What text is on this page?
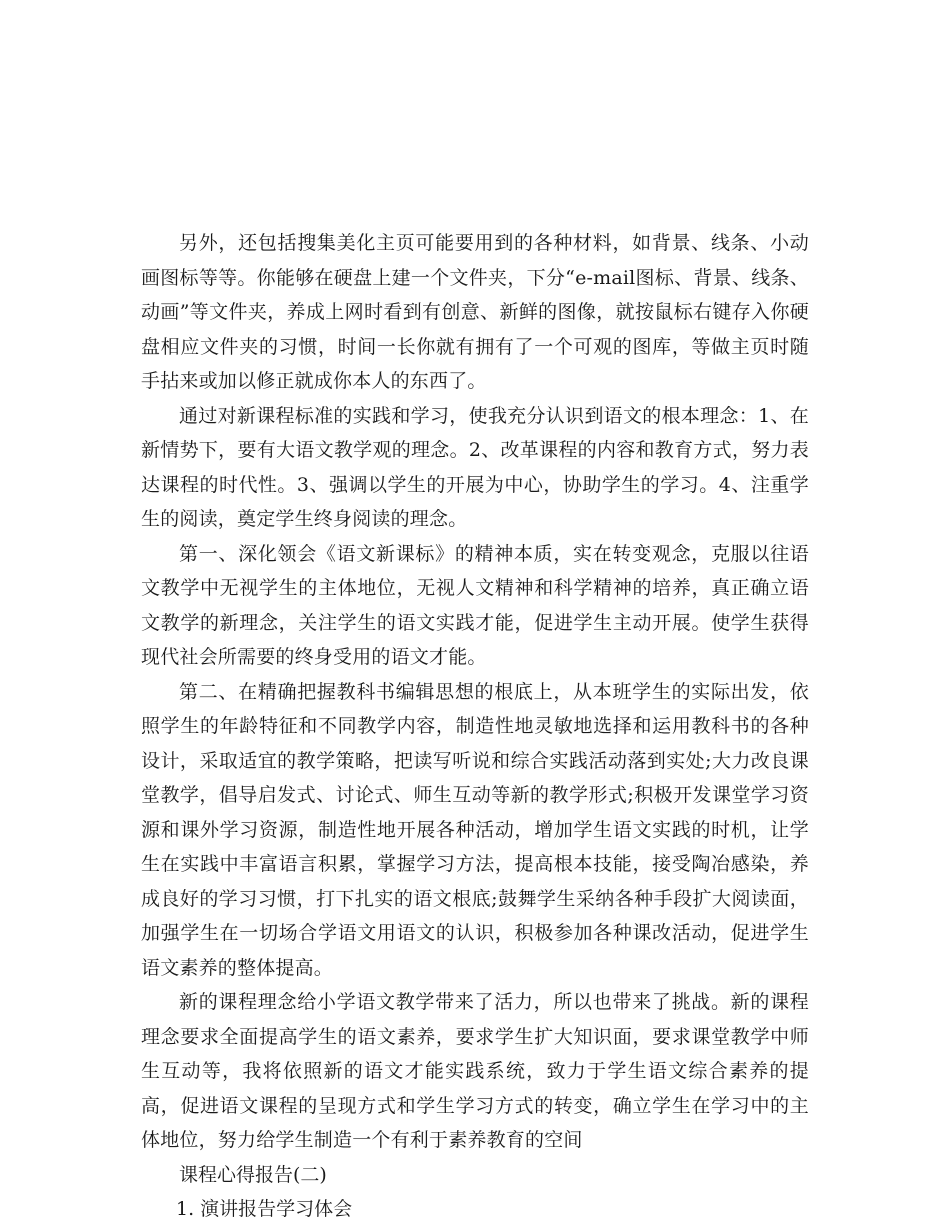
另外，还包括搜集美化主页可能要用到的各种材料，如背景、线条、小动画图标等等。你能够在硬盘上建一个文件夹，下分“e-mail图标、背景、线条、动画”等文件夹，养成上网时看到有创意、新鲜的图像，就按鼠标右键存入你硬盘相应文件夹的习惯，时间一长你就有拥有了一个可观的图库，等做主页时随手拈来或加以修正就成你本人的东西了。

通过对新课程标准的实践和学习，使我充分认识到语文的根本理念：1、在新情势下，要有大语文教学观的理念。2、改革课程的内容和教育方式，努力表达课程的时代性。3、强调以学生的开展为中心，协助学生的学习。4、注重学生的阅读，奠定学生终身阅读的理念。

第一、深化领会《语文新课标》的精神本质，实在转变观念，克服以往语文教学中无视学生的主体地位，无视人文精神和科学精神的培养，真正确立语文教学的新理念，关注学生的语文实践才能，促进学生主动开展。使学生获得现代社会所需要的终身受用的语文才能。

第二、在精确把握教科书编辑思想的根底上，从本班学生的实际出发，依照学生的年龄特征和不同教学内容，制造性地灵敏地选择和运用教科书的各种设计，采取适宜的教学策略，把读写听说和综合实践活动落到实处;大力改良课堂教学，倡导启发式、讨论式、师生互动等新的教学形式;积极开发课堂学习资源和课外学习资源，制造性地开展各种活动，增加学生语文实践的时机，让学生在实践中丰富语言积累，掌握学习方法，提高根本技能，接受陶冶感染，养成良好的学习习惯，打下扎实的语文根底;鼓舞学生采纳各种手段扩大阅读面，加强学生在一切场合学语文用语文的认识，积极参加各种课改活动，促进学生语文素养的整体提高。

新的课程理念给小学语文教学带来了活力，所以也带来了挑战。新的课程理念要求全面提高学生的语文素养，要求学生扩大知识面，要求课堂教学中师生互动等，我将依照新的语文才能实践系统，致力于学生语文综合素养的提高，促进语文课程的呈现方式和学生学习方式的转变，确立学生在学习中的主体地位，努力给学生制造一个有利于素养教育的空间

课程心得报告(二)

1. 演讲报告学习体会
